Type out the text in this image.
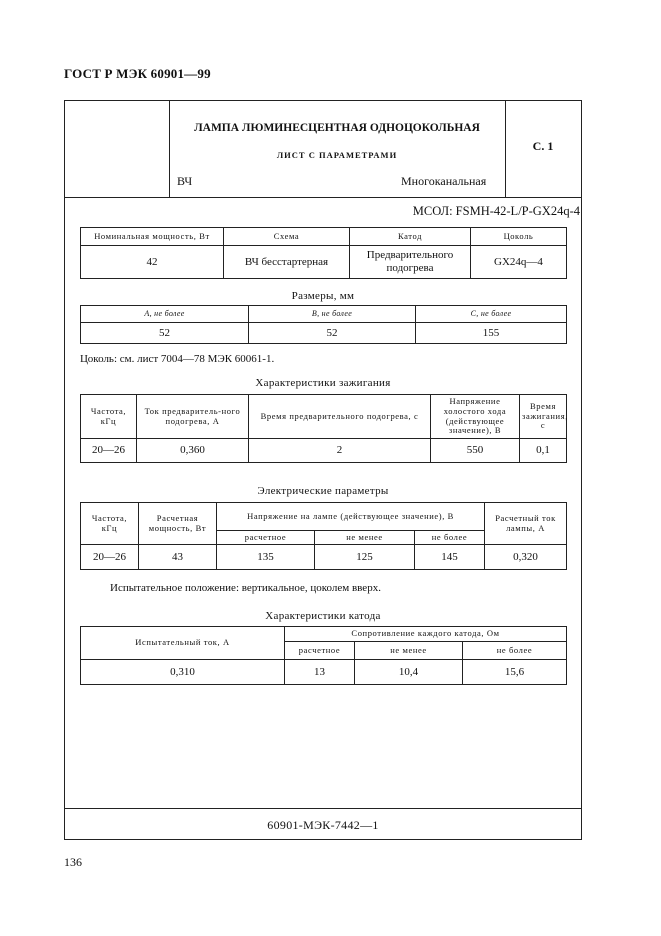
ГОСТ Р МЭК 60901—99
ЛАМПА ЛЮМИНЕСЦЕНТНАЯ ОДНОЦОКОЛЬНАЯ
ЛИСТ С ПАРАМЕТРАМИ
ВЧ	Многоканальная
С. 1
МСОЛ: FSMH-42-L/P-GX24q-4
Номинальная мощность, Вт	Схема	Катод	Цоколь
42	ВЧ бесстартерная	Предварительного подогрева	GX24q—4
Размеры, мм
A, не более	B, не более	C, не более
52	52	155
Цоколь: см. лист 7004—78 МЭК 60061-1.
Характеристики зажигания
Частота, кГц	Ток предваритель-ного подогрева, А	Время предварительного подогрева, с	Напряжение холостого хода (действующее значение), В	Время зажигания, с
20—26	0,360	2	550	0,1
Электрические параметры
Частота, кГц	Расчетная мощность, Вт	Напряжение на лампе (действующее значение), В			Расчетный ток лампы, А
		расчетное	не менее	не более	
20—26	43	135	125	145	0,320
Испытательное положение: вертикальное, цоколем вверх.
Характеристики катода
Испытательный ток, А	Сопротивление каждого катода, Ом		
	расчетное	не менее	не более
0,310	13	10,4	15,6
60901-МЭК-7442—1
136
